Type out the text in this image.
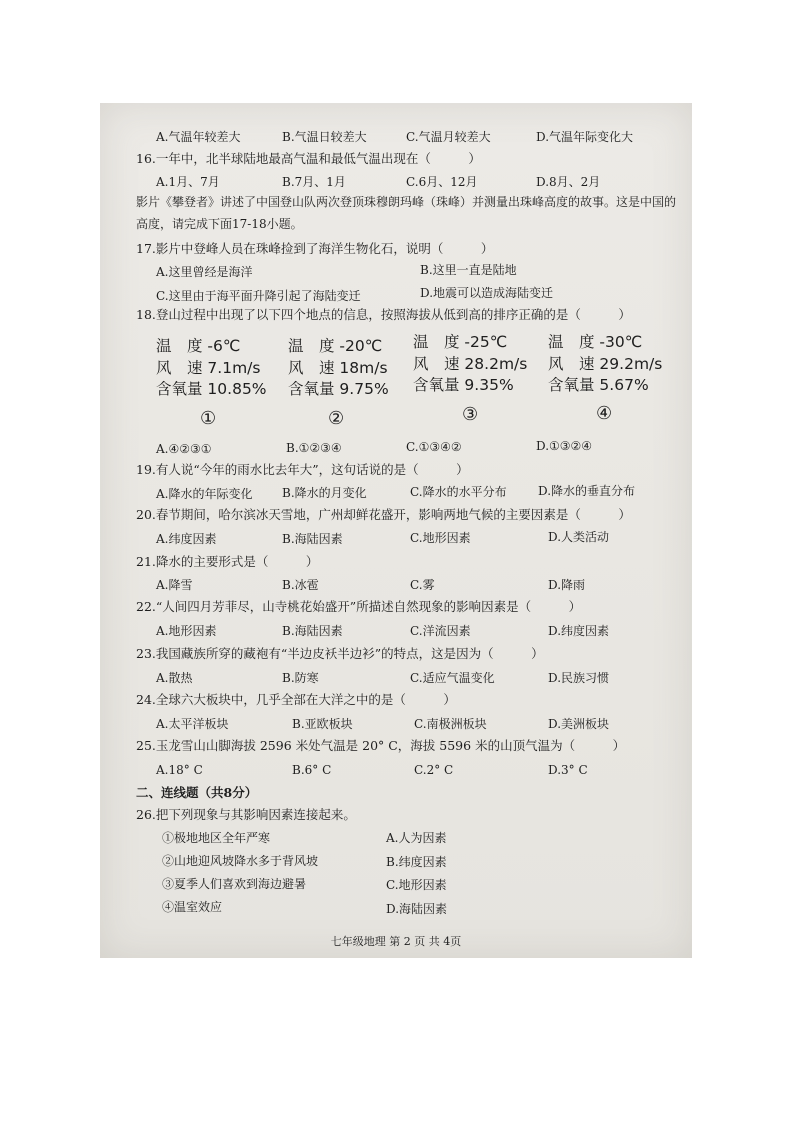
A.气温年较差大	B.气温日较差大	C.气温月较差大	D.气温年际变化大
16.一年中，北半球陆地最高气温和最低气温出现在（　　　）
A.1月、7月	B.7月、1月	C.6月、12月	D.8月、2月
影片《攀登者》讲述了中国登山队两次登顶珠穆朗玛峰（珠峰）并测量出珠峰高度的故事。这是中国的高度，请完成下面17-18小题。
17.影片中登峰人员在珠峰捡到了海洋生物化石，说明（　　　）
A.这里曾经是海洋	B.这里一直是陆地
C.这里由于海平面升降引起了海陆变迁	D.地震可以造成海陆变迁
18.登山过程中出现了以下四个地点的信息，按照海拔从低到高的排序正确的是（　　　）
温　度 -6℃
风　速 7.1m/s
含氧量 10.85%
①
温　度 -20℃
风　速 18m/s
含氧量 9.75%
②
温　度 -25℃
风　速 28.2m/s
含氧量 9.35%
③
温　度 -30℃
风　速 29.2m/s
含氧量 5.67%
④
A.④②③①	B.①②③④	C.①③④②	D.①③②④
19.有人说“今年的雨水比去年大”，这句话说的是（　　　）
A.降水的年际变化 B.降水的月变化	C.降水的水平分布	D.降水的垂直分布
20.春节期间，哈尔滨冰天雪地，广州却鲜花盛开，影响两地气候的主要因素是（　　　）
A.纬度因素	B.海陆因素	C.地形因素	D.人类活动
21.降水的主要形式是（　　　）
A.降雪	B.冰雹	C.雾	D.降雨
22.“人间四月芳菲尽，山寺桃花始盛开”所描述自然现象的影响因素是（　　　）
A.地形因素	B.海陆因素	C.洋流因素	D.纬度因素
23.我国藏族所穿的藏袍有“半边皮袄半边衫”的特点，这是因为（　　　）
A.散热	B.防寒	C.适应气温变化	D.民族习惯
24.全球六大板块中，几乎全部在大洋之中的是（　　　）
A.太平洋板块	B.亚欧板块	C.南极洲板块	D.美洲板块
25.玉龙雪山山脚海拔 2596 米处气温是 20° C，海拔 5596 米的山顶气温为（　　　）
A.18° C	B.6° C	C.2° C	D.3° C
二、连线题（共8分）
26.把下列现象与其影响因素连接起来。
①极地地区全年严寒
②山地迎风坡降水多于背风坡
③夏季人们喜欢到海边避暑
④温室效应
A.人为因素
B.纬度因素
C.地形因素
D.海陆因素
七年级地理 第 2 页 共 4页
